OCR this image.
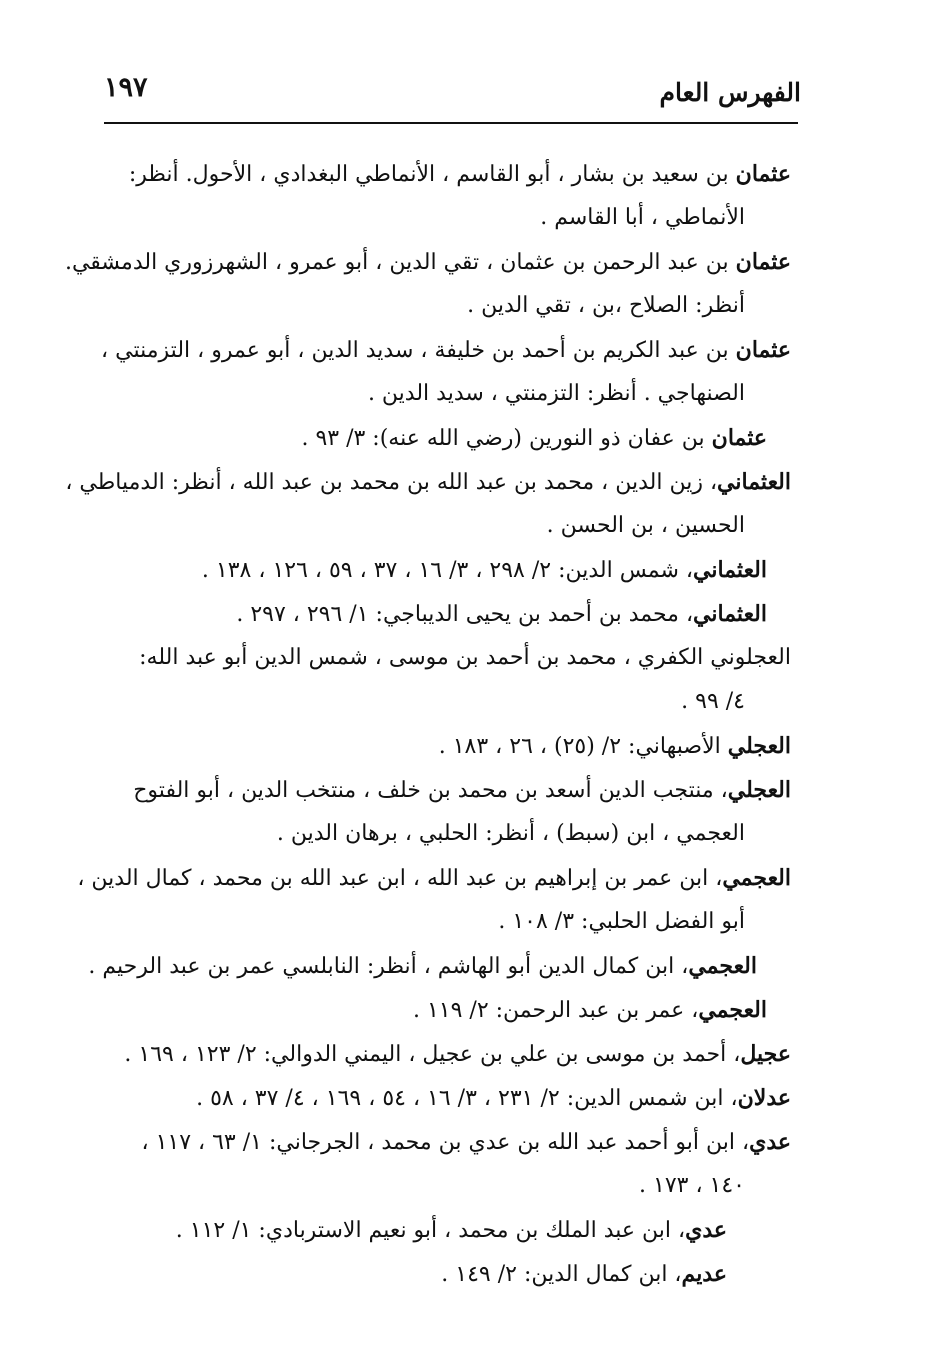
الفهرس العام
١٩٧
عثمان بن سعيد بن بشار ، أبو القاسم ، الأنماطي البغدادي ، الأحول. أنظر:
الأنماطي ، أبا القاسم .
عثمان بن عبد الرحمن بن عثمان ، تقي الدين ، أبو عمرو ، الشهرزوري الدمشقي.
أنظر: الصلاح ،بن ، تقي الدين .
عثمان بن عبد الكريم بن أحمد بن خليفة ، سديد الدين ، أبو عمرو ، التزمنتي ،
الصنهاجي . أنظر: التزمنتي ، سديد الدين .
عثمان بن عفان ذو النورين (رضي الله عنه): ٣/ ٩٣ .
العثماني، زين الدين ، محمد بن عبد الله بن محمد بن عبد الله ، أنظر: الدمياطي ،
الحسين ، بن الحسن .
العثماني، شمس الدين: ٢/ ٢٩٨ ، ٣/ ١٦ ، ٣٧ ، ٥٩ ، ١٢٦ ، ١٣٨ .
العثماني، محمد بن أحمد بن يحيى الديباجي: ١/ ٢٩٦ ، ٢٩٧ .
العجلوني الكفري ، محمد بن أحمد بن موسى ، شمس الدين أبو عبد الله:
٤/ ٩٩ .
العجلي الأصبهاني: ٢/ (٢٥) ، ٢٦ ، ١٨٣ .
العجلي، منتجب الدين أسعد بن محمد بن خلف ، منتخب الدين ، أبو الفتوح
العجمي ، ابن (سبط) ، أنظر: الحلبي ، برهان الدين .
العجمي، ابن عمر بن إبراهيم بن عبد الله ، ابن عبد الله بن محمد ، كمال الدين ،
أبو الفضل الحلبي: ٣/ ١٠٨ .
العجمي، ابن كمال الدين أبو الهاشم ، أنظر: النابلسي عمر بن عبد الرحيم .
العجمي، عمر بن عبد الرحمن: ٢/ ١١٩ .
عجيل، أحمد بن موسى بن علي بن عجيل ، اليمني الدوالي: ٢/ ١٢٣ ، ١٦٩ .
عدلان، ابن شمس الدين: ٢/ ٢٣١ ، ٣/ ١٦ ، ٥٤ ، ١٦٩ ، ٤/ ٣٧ ، ٥٨ .
عدي، ابن أبو أحمد عبد الله بن عدي بن محمد ، الجرجاني: ١/ ٦٣ ، ١١٧ ،
١٤٠ ، ١٧٣ .
عدي، ابن عبد الملك بن محمد ، أبو نعيم الاستربادي: ١/ ١١٢ .
عديم، ابن كمال الدين: ٢/ ١٤٩ .
